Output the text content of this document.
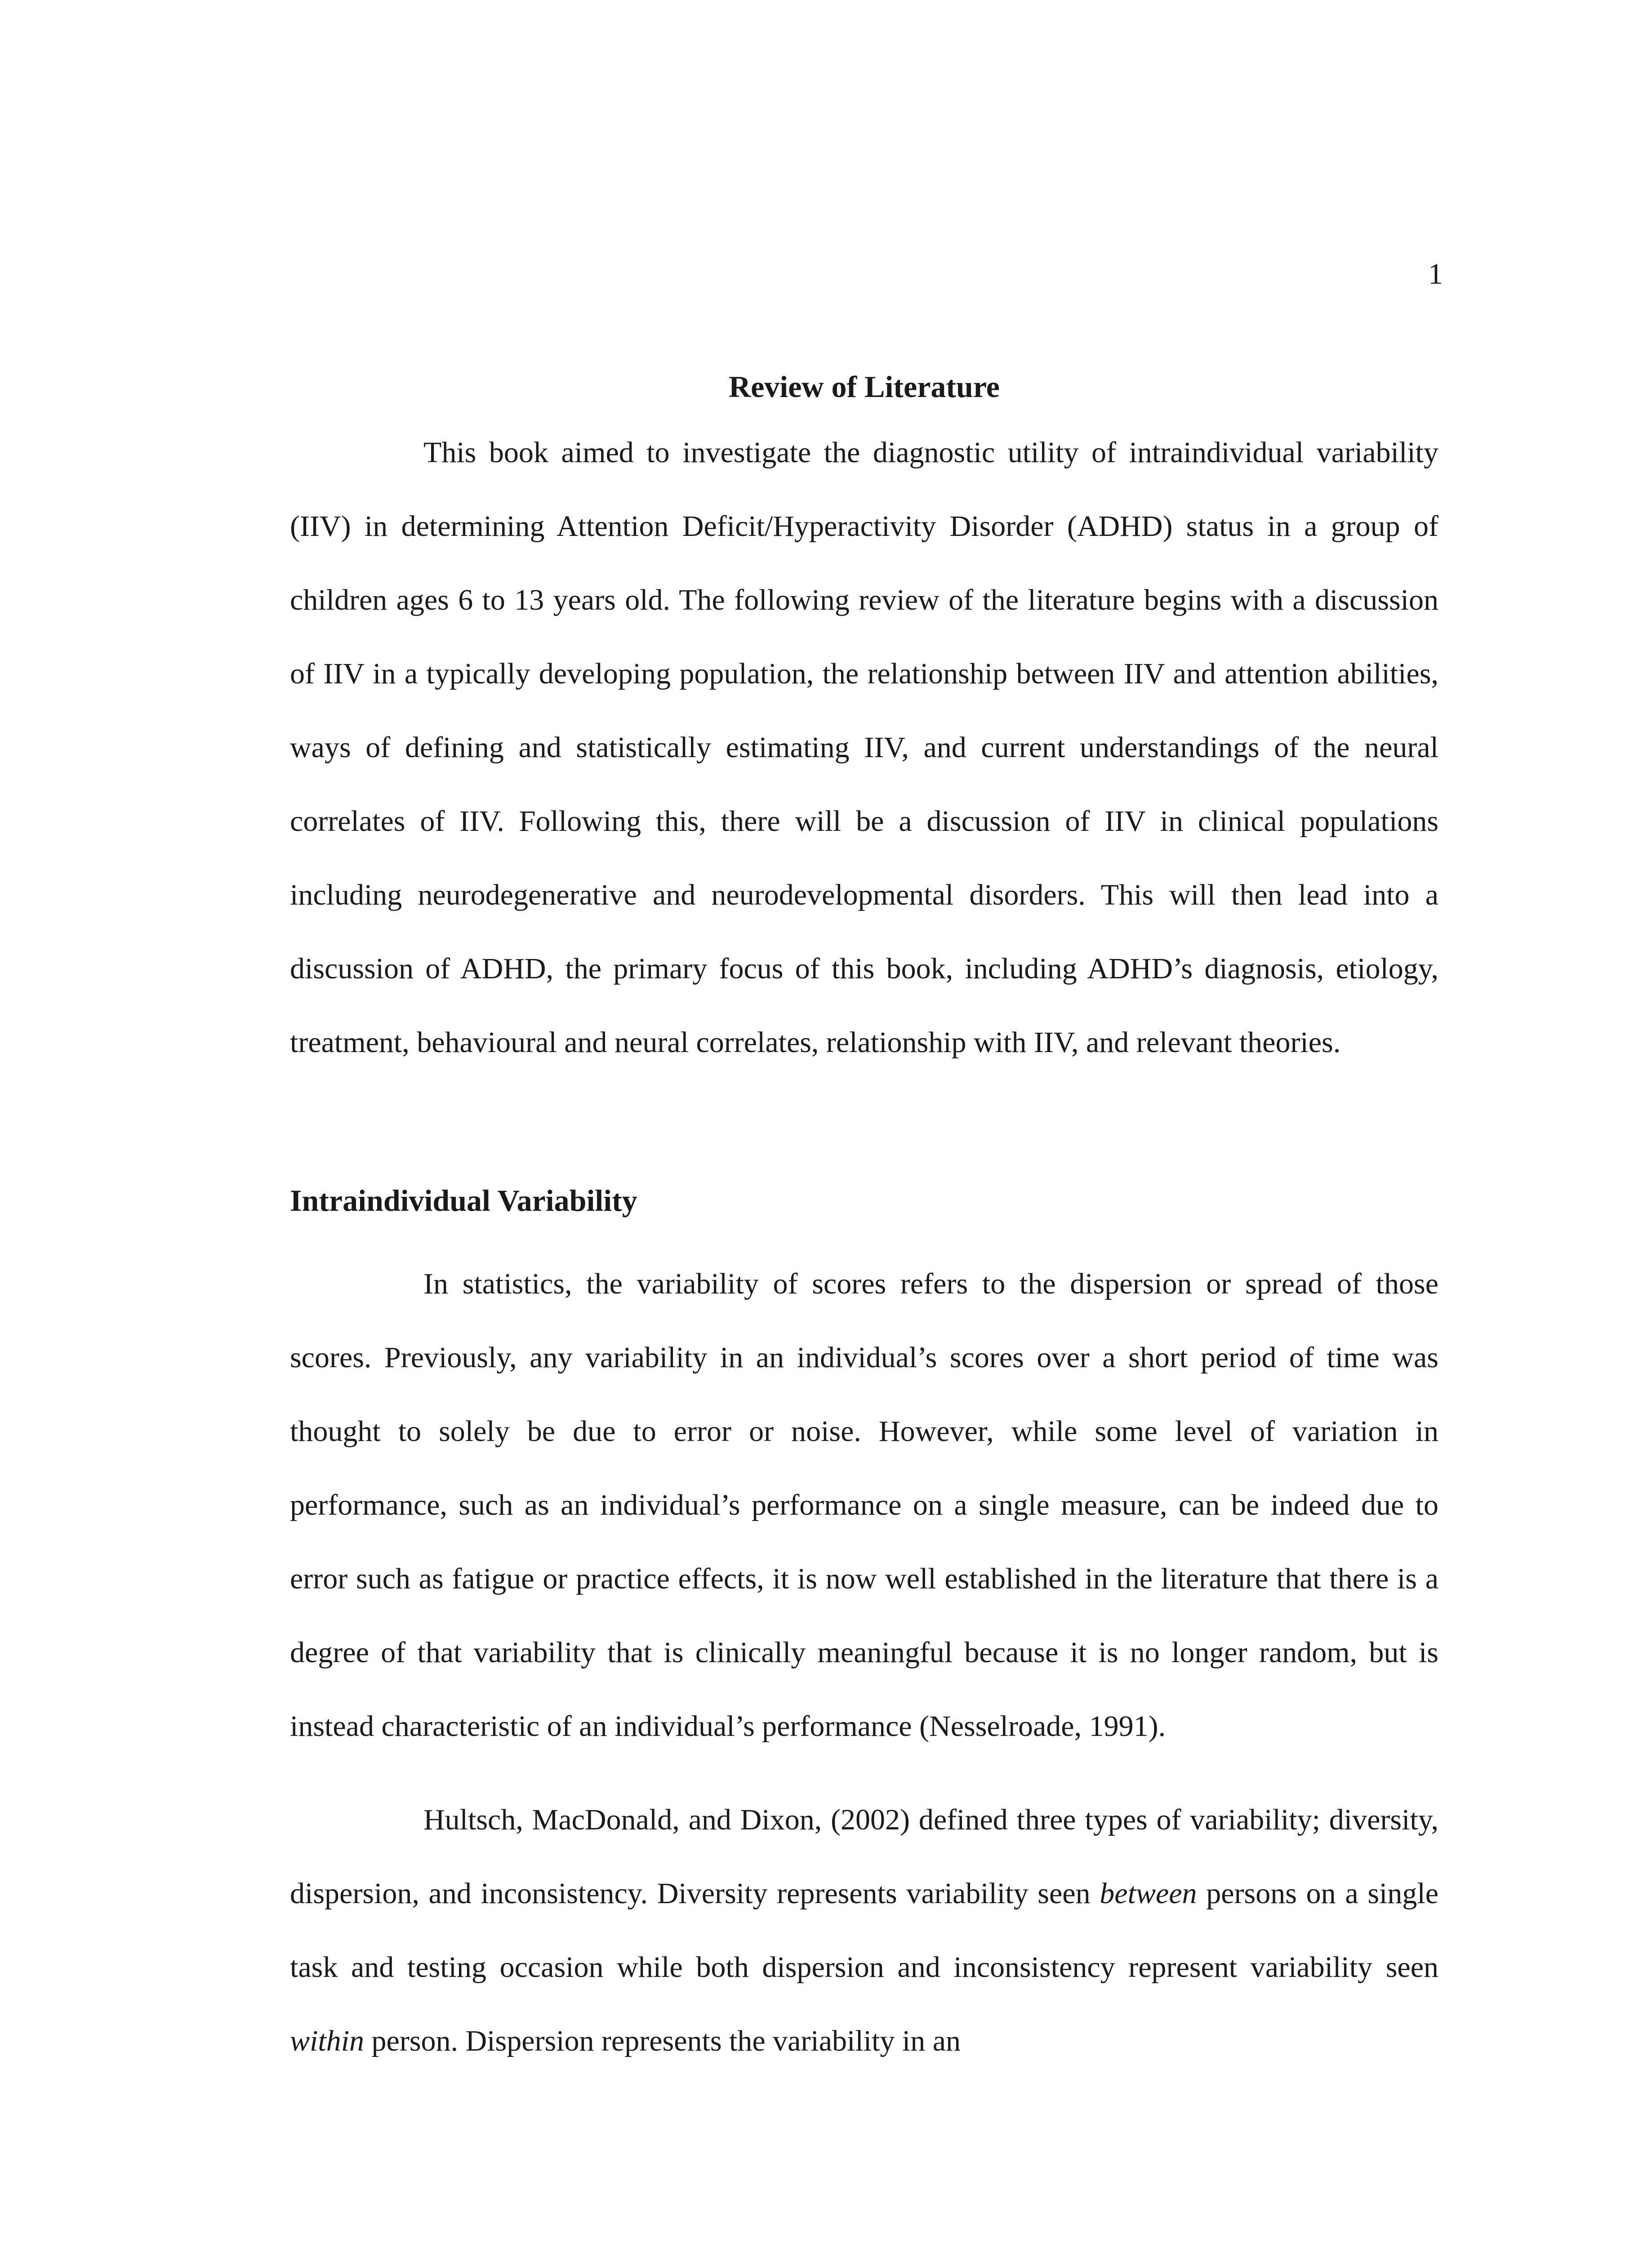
1
Review of Literature

This book aimed to investigate the diagnostic utility of intraindividual variability (IIV) in determining Attention Deficit/Hyperactivity Disorder (ADHD) status in a group of children ages 6 to 13 years old. The following review of the literature begins with a discussion of IIV in a typically developing population, the relationship between IIV and attention abilities, ways of defining and statistically estimating IIV, and current understandings of the neural correlates of IIV. Following this, there will be a discussion of IIV in clinical populations including neurodegenerative and neurodevelopmental disorders. This will then lead into a discussion of ADHD, the primary focus of this book, including ADHD’s diagnosis, etiology, treatment, behavioural and neural correlates, relationship with IIV, and relevant theories.

Intraindividual Variability

In statistics, the variability of scores refers to the dispersion or spread of those scores. Previously, any variability in an individual’s scores over a short period of time was thought to solely be due to error or noise. However, while some level of variation in performance, such as an individual’s performance on a single measure, can be indeed due to error such as fatigue or practice effects, it is now well established in the literature that there is a degree of that variability that is clinically meaningful because it is no longer random, but is instead characteristic of an individual’s performance (Nesselroade, 1991).

Hultsch, MacDonald, and Dixon, (2002) defined three types of variability; diversity, dispersion, and inconsistency. Diversity represents variability seen between persons on a single task and testing occasion while both dispersion and inconsistency represent variability seen within person. Dispersion represents the variability in an
